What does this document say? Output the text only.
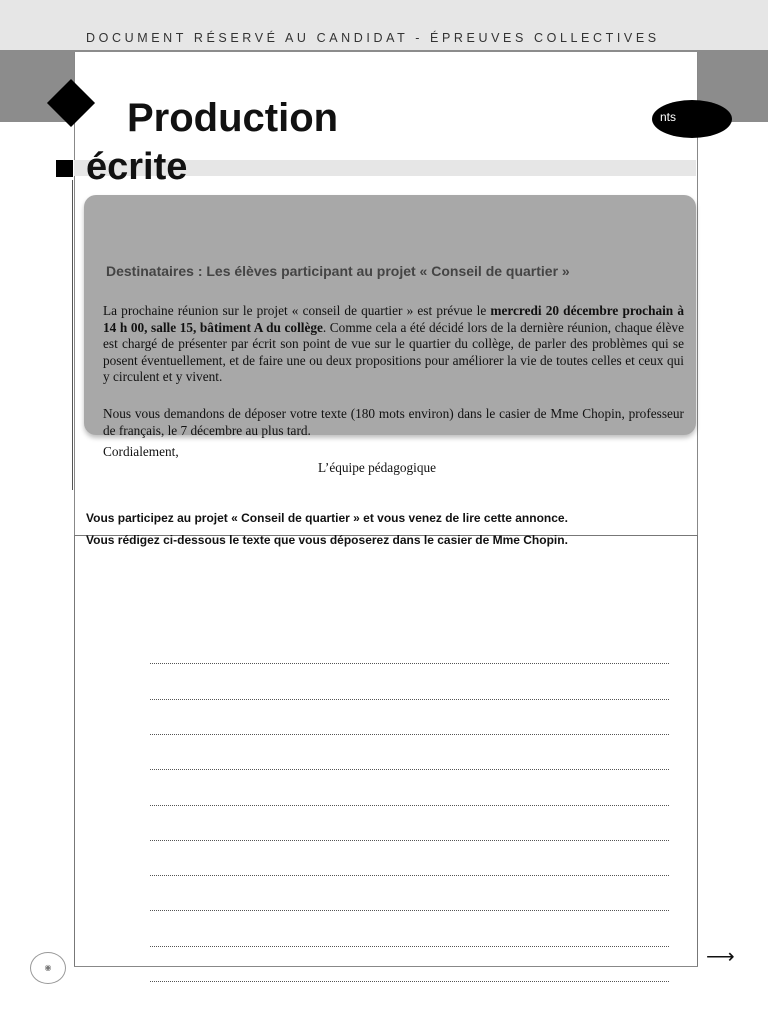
DOCUMENT RÉSERVÉ AU CANDIDAT - ÉPREUVES COLLECTIVES
Production
écrite
nts
Destinataires : Les élèves participant au projet « Conseil de quartier »

La prochaine réunion sur le projet « conseil de quartier » est prévue le mercredi 20 décembre prochain à 14 h 00, salle 15, bâtiment A du collège. Comme cela a été décidé lors de la dernière réunion, chaque élève est chargé de présenter par écrit son point de vue sur le quartier du collège, de parler des problèmes qui se posent éventuellement, et de faire une ou deux propositions pour améliorer la vie de toutes celles et ceux qui y circulent et y vivent.

Nous vous demandons de déposer votre texte (180 mots environ) dans le casier de Mme Chopin, professeur de français, le 7 décembre au plus tard.

Cordialement,
L’équipe pédagogique
Vous participez au projet « Conseil de quartier » et vous venez de lire cette annonce.
Vous rédigez ci-dessous le texte que vous déposerez dans le casier de Mme Chopin.
◉	⟶
